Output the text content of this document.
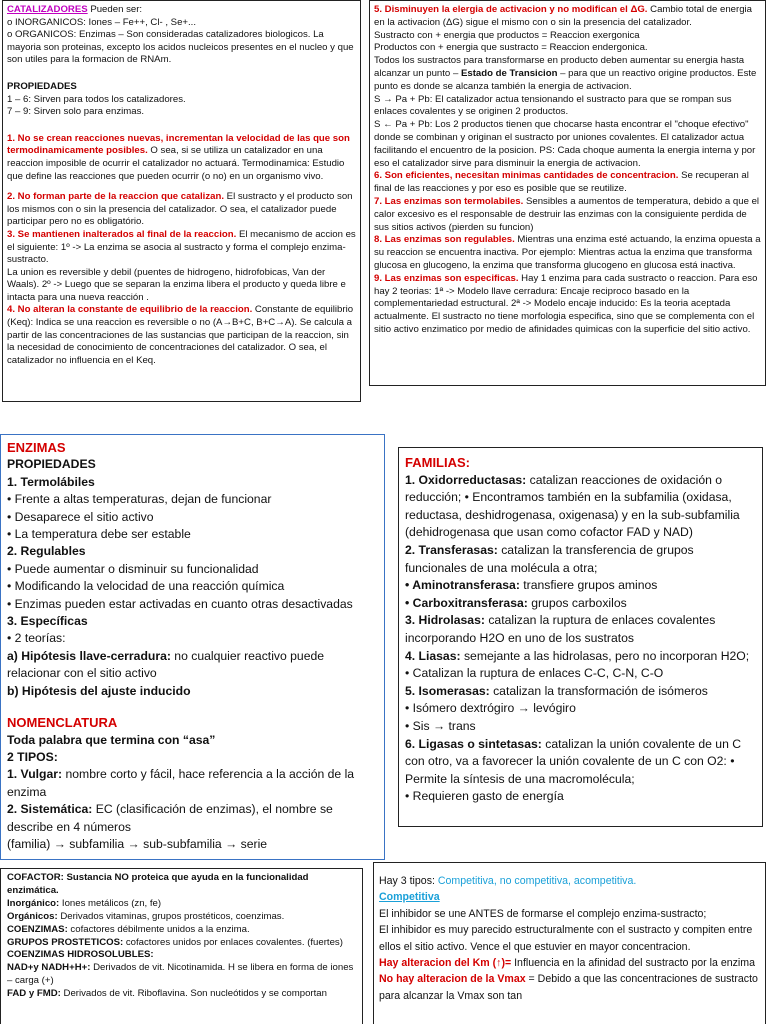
CATALIZADORES Pueden ser:

o INORGANICOS: Iones – Fe++, Cl- , Se+...

o ORGANICOS: Enzimas – Son consideradas catalizadores biologicos. La mayoria son proteinas, excepto los acidos nucleicos presentes en el nucleo y que son utiles para la formacion de RNAm.

PROPIEDADES

1 – 6: Sirven para todos los catalizadores.

7 – 9: Sirven solo para enzimas.

1. No se crean reacciones nuevas, incrementan la velocidad de las que son termodinamicamente posibles. O sea, si se utiliza un catalizador en una reaccion imposible de ocurrir el catalizador no actuará. Termodinamica: Estudio que define las reacciones que pueden ocurrir (o no) en un organismo vivo.

2. No forman parte de la reaccion que catalizan. El sustracto y el producto son los mismos con o sin la presencia del catalizador. O sea, el catalizador puede participar pero no es obligatório.

3. Se mantienen inalterados al final de la reaccion. El mecanismo de accion es el siguiente: 1º -> La enzima se asocia al sustracto y forma el complejo enzima-sustracto.

La union es reversible y debil (puentes de hidrogeno, hidrofobicas, Van der Waals). 2º -> Luego que se separan la enzima libera el producto y queda libre e intacta para una nueva reacción .

4. No alteran la constante de equilibrio de la reaccion. Constante de equilibrio (Keq): Indica se una reaccion es reversible o no (A→B+C, B+C→A). Se calcula a partir de las concentraciones de las sustancias que participan de la reaccion, sin la necesidad de conocimiento de concentraciones del catalizador. O sea, el catalizador no influencia en el Keq.

5. Disminuyen la elergia de activacion y no modifican el ΔG. Cambio total de energia en la activacion (ΔG) sigue el mismo con o sin la presencia del catalizador.

Sustracto con + energia que productos = Reaccion exergonica

Productos con + energia que sustracto = Reaccion endergonica.

Todos los sustractos para transformarse en producto deben aumentar su energia hasta alcanzar un punto – Estado de Transicion – para que un reactivo origine productos. Este punto es donde se alcanza también la energia de activacion.

S → Pa + Pb: El catalizador actua tensionando el sustracto para que se rompan sus enlaces covalentes y se originen 2 productos.

S ← Pa + Pb: Los 2 productos tienen que chocarse hasta encontrar el "choque efectivo" donde se combinan y originan el sustracto por uniones covalentes. El catalizador actua facilitando el encuentro de la posicion. PS: Cada choque aumenta la energia interna y por eso el catalizador sirve para disminuir la energia de activacion.

6. Son eficientes, necesitan minimas cantidades de concentracion. Se recuperan al final de las reacciones y por eso es posible que se reutilize.

7. Las enzimas son termolabiles. Sensibles a aumentos de temperatura, debido a que el calor excesivo es el responsable de destruir las enzimas con la consiguiente perdida de sus sitios activos (pierden su funcion)

8. Las enzimas son regulables. Mientras una enzima esté actuando, la enzima opuesta a su reaccion se encuentra inactiva. Por ejemplo: Mientras actua la enzima que transforma glucosa en glucogeno, la enzima que transforma glucogeno en glucosa está inactiva.

9. Las enzimas son especificas. Hay 1 enzima para cada sustracto o reaccion. Para eso hay 2 teorias: 1ª -> Modelo llave cerradura: Encaje reciproco basado en la complementariedad estructural. 2ª -> Modelo encaje inducido: Es la teoria aceptada actualmente. El sustracto no tiene morfologia especifica, sino que se complementa con el sitio activo enzimatico por medio de afinidades quimicas con la superficie del sitio activo.

ENZIMAS

PROPIEDADES

1. Termolábiles

• Frente a altas temperaturas, dejan de funcionar

• Desaparece el sitio activo

• La temperatura debe ser estable

2. Regulables

• Puede aumentar o disminuir su funcionalidad

• Modificando la velocidad de una reacción química

• Enzimas pueden estar activadas en cuanto otras desactivadas

3. Específicas

• 2 teorías:

a) Hipótesis llave-cerradura: no cualquier reactivo puede relacionar con el sitio activo

b) Hipótesis del ajuste inducido

NOMENCLATURA

Toda palabra que termina con “asa”

2 TIPOS:

1. Vulgar: nombre corto y fácil, hace referencia a la acción de la enzima

2. Sistemática: EC (clasificación de enzimas), el nombre se describe en 4 números

(familia) → subfamilia → sub-subfamilia → serie

FAMILIAS:

1. Oxidorreductasas: catalizan reacciones de oxidación o reducción; • Encontramos también en la subfamilia (oxidasa, reductasa, deshidrogenasa, oxigenasa) y en la sub-subfamilia (dehidrogenasa que usan como cofactor FAD y NAD)

2. Transferasas: catalizan la transferencia de grupos funcionales de una molécula a otra;

• Aminotransferasa: transfiere grupos aminos

• Carboxitransferasa: grupos carboxilos

3. Hidrolasas: catalizan la ruptura de enlaces covalentes incorporando H2O en uno de los sustratos

4. Liasas: semejante a las hidrolasas, pero no incorporan H2O; • Catalizan la ruptura de enlaces C-C, C-N, C-O

5. Isomerasas: catalizan la transformación de isómeros

• Isómero dextrógiro → levógiro

• Sis → trans

6. Ligasas o sintetasas: catalizan la unión covalente de un C con otro, va a favorecer la unión covalente de un C con O2: • Permite la síntesis de una macromolécula;

• Requieren gasto de energía

COFACTOR: Sustancia NO proteica que ayuda en la funcionalidad enzimática.

Inorgánico: Iones metálicos (zn, fe)

Orgánicos: Derivados vitaminas, grupos prostéticos, coenzimas.

COENZIMAS: cofactores débilmente unidos a la enzima.

GRUPOS PROSTETICOS: cofactores unidos por enlaces covalentes. (fuertes)

COENZIMAS HIDROSOLUBLES:

NAD+y NADH+H+: Derivados de vit. Nicotinamida. H se libera en forma de iones – carga (+)

FAD y FMD: Derivados de vit. Riboflavina. Son nucleótidos y se comportan

Hay 3 tipos: Competitiva, no competitiva, acompetitiva.

Competitiva

El inhibidor se une ANTES de formarse el complejo enzima-sustracto;

El inhibidor es muy parecido estructuralmente con el sustracto y compiten entre ellos el sitio activo. Vence el que estuvier en mayor concentracion.

Hay alteracion del Km (↑)= Influencia en la afinidad del sustracto por la enzima

No hay alteracion de la Vmax = Debido a que las concentraciones de sustracto para alcanzar la Vmax son tan
